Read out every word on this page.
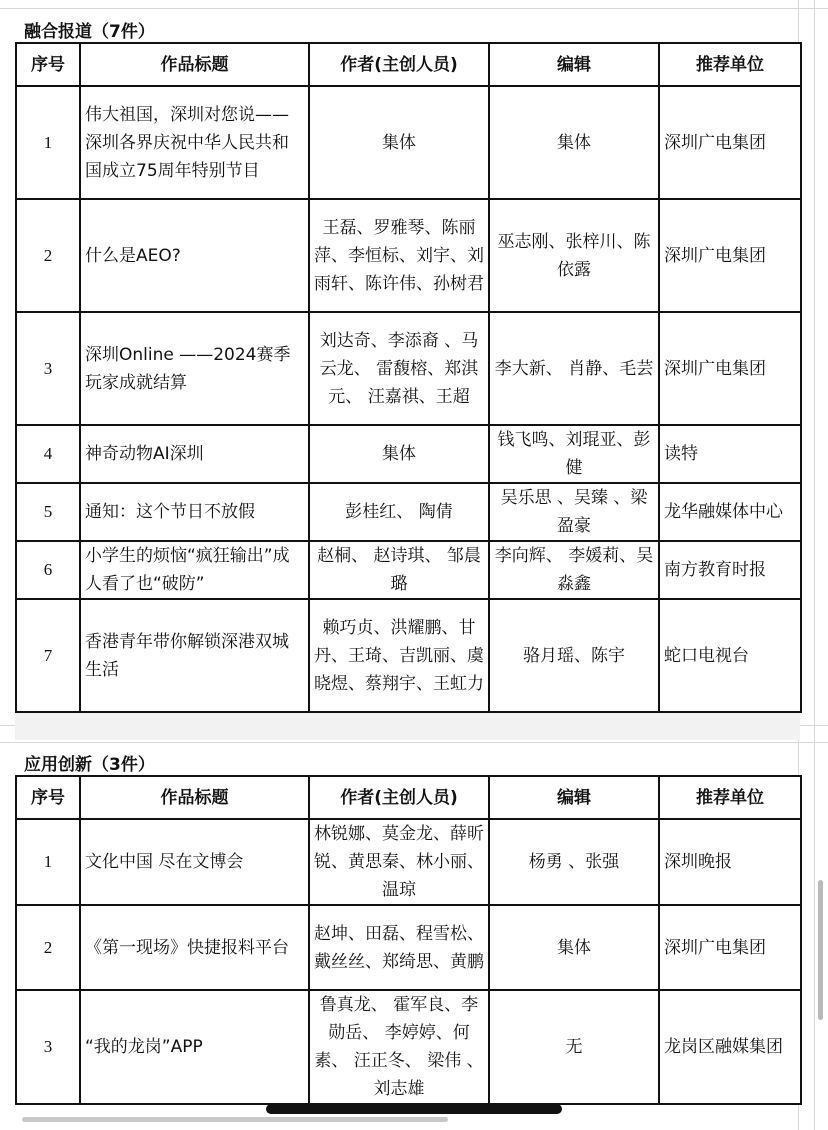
融合报道（7件）
序号	作品标题	作者(主创人员)	编辑	推荐单位
1	伟大祖国，深圳对您说——深圳各界庆祝中华人民共和国成立75周年特别节目	集体	集体	深圳广电集团
2	什么是AEO?	王磊、罗雅琴、陈丽萍、李恒标、刘宇、刘雨轩、陈许伟、孙树君	巫志刚、张梓川、陈依露	深圳广电集团
3	深圳Online ——2024赛季玩家成就结算	刘达奇、李添裔 、马云龙、 雷馥榕、郑淇元、 汪嘉祺、王超	李大新、 肖静、毛芸	深圳广电集团
4	神奇动物AI深圳	集体	钱飞鸣、刘琨亚、彭健	读特
5	通知：这个节日不放假	彭桂红、 陶倩	吴乐思 、吴臻 、梁盈豪	龙华融媒体中心
6	小学生的烦恼“疯狂输出”成人看了也“破防”	赵桐、 赵诗琪、 邹晨璐	李向辉、 李媛莉、吴淼鑫	南方教育时报
7	香港青年带你解锁深港双城生活	赖巧贞、洪耀鹏、甘丹、王琦、吉凯丽、虞晓煜、蔡翔宇、王虹力	骆月瑶、陈宇	蛇口电视台
应用创新（3件）
序号	作品标题	作者(主创人员)	编辑	推荐单位
1	文化中国 尽在文博会	林锐娜、莫金龙、薛昕锐、黄思秦、林小丽、温琼	杨勇 、张强	深圳晚报
2	《第一现场》快捷报料平台	赵坤、田磊、程雪松、戴丝丝、郑绮思、黄鹏	集体	深圳广电集团
3	“我的龙岗”APP	鲁真龙、 霍军良、李勋岳、 李婷婷、何素、 汪正冬、 梁伟 、刘志雄	无	龙岗区融媒集团
